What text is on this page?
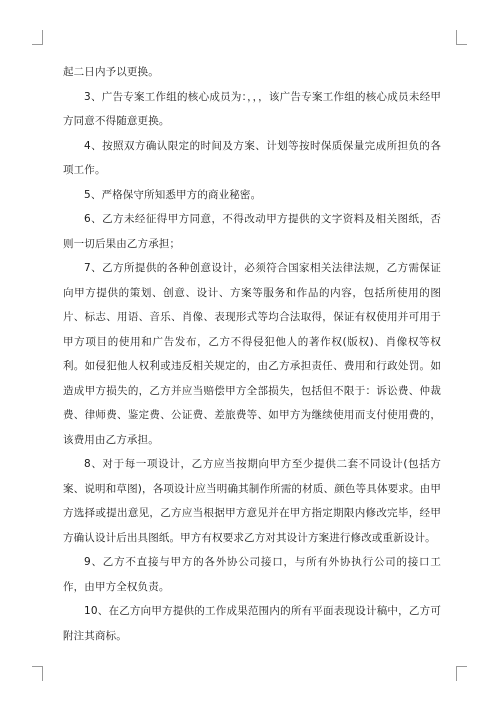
起二日内予以更换。

3、广告专案工作组的核心成员为：，，，该广告专案工作组的核心成员未经甲方同意不得随意更换。

4、按照双方确认限定的时间及方案、计划等按时保质保量完成所担负的各项工作。

5、严格保守所知悉甲方的商业秘密。

6、乙方未经征得甲方同意，不得改动甲方提供的文字资料及相关图纸，否则一切后果由乙方承担；

7、乙方所提供的各种创意设计，必须符合国家相关法律法规，乙方需保证向甲方提供的策划、创意、设计、方案等服务和作品的内容，包括所使用的图片、标志、用语、音乐、肖像、表现形式等均合法取得，保证有权使用并可用于甲方项目的使用和广告发布，乙方不得侵犯他人的著作权(版权)、肖像权等权利。如侵犯他人权利或违反相关规定的，由乙方承担责任、费用和行政处罚。如造成甲方损失的，乙方并应当赔偿甲方全部损失，包括但不限于：诉讼费、仲裁费、律师费、鉴定费、公证费、差旅费等、如甲方为继续使用而支付使用费的，该费用由乙方承担。

8、对于每一项设计，乙方应当按期向甲方至少提供二套不同设计(包括方案、说明和草图)，各项设计应当明确其制作所需的材质、颜色等具体要求。由甲方选择或提出意见，乙方应当根据甲方意见并在甲方指定期限内修改完毕，经甲方确认设计后出具图纸。甲方有权要求乙方对其设计方案进行修改或重新设计。

9、乙方不直接与甲方的各外协公司接口，与所有外协执行公司的接口工作，由甲方全权负责。

10、在乙方向甲方提供的工作成果范围内的所有平面表现设计稿中，乙方可附注其商标。
